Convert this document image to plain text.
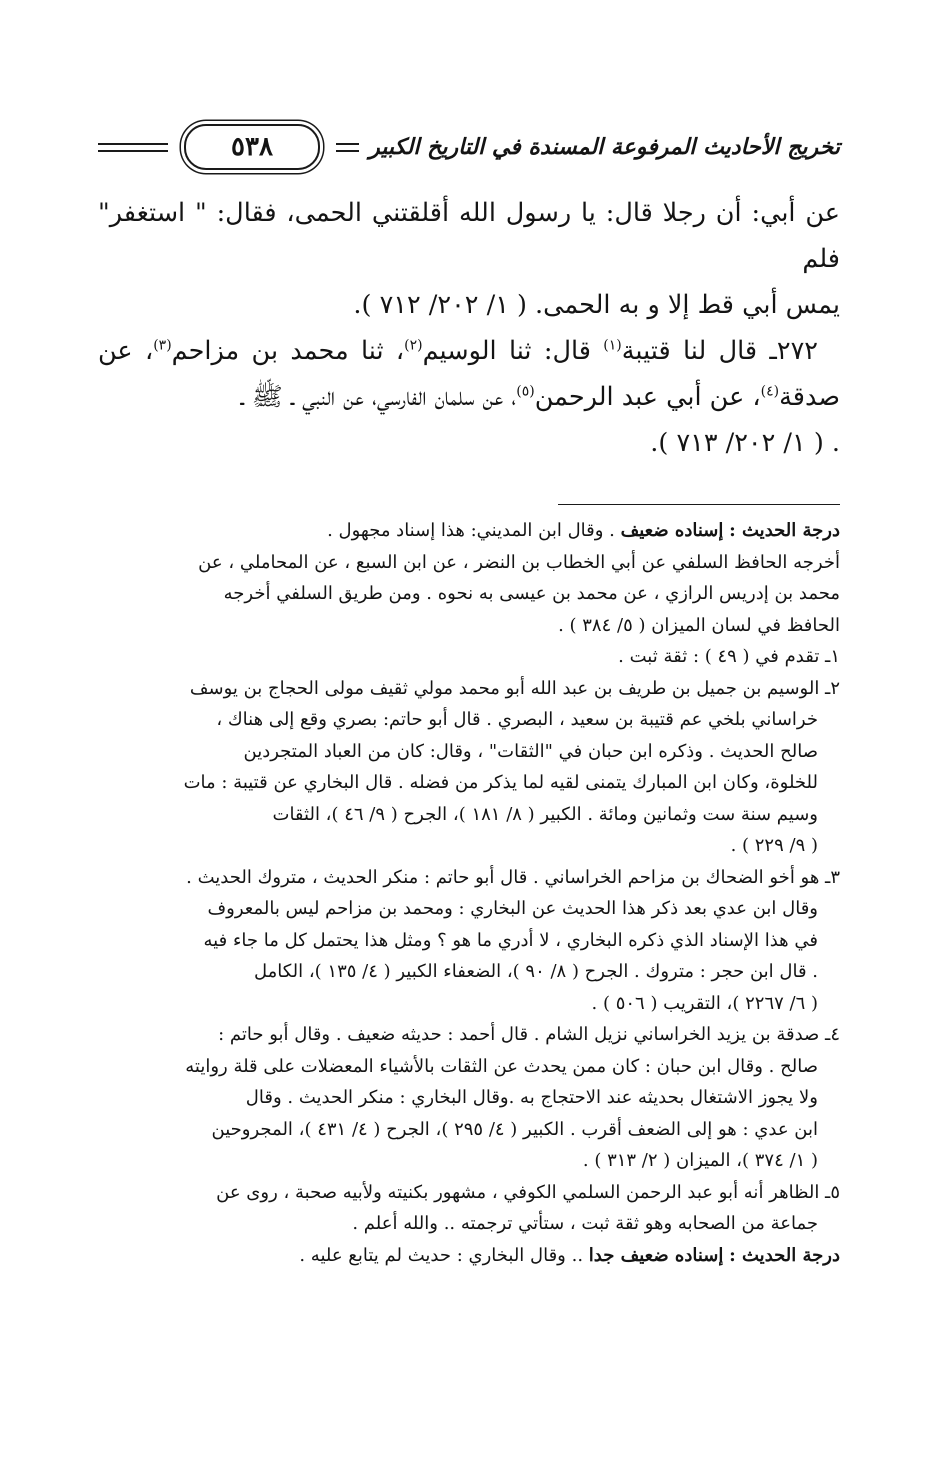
تخريج الأحاديث المرفوعة المسندة في التاريخ الكبير
٥٣٨

عن أبي: أن رجلا قال: يا رسول الله أقلقتني الحمى، فقال: " استغفر" فلم

يمس أبي قط إلا و به الحمى. ( ١/ ٢٠٢/ ٧١٢ ).

٢٧٢ـ قال لنا قتيبة$^{(١)}$ قال: ثنا الوسيم$^{(٢)}$، ثنا محمد بن مزاحم$^{(٣)}$، عن صدقة$^{(٤)}$، عن أبي عبد الرحمن$^{(٥)}$، عن سلمان الفارسي، عن النبي ـ ﷺ ـ

. ( ١/ ٢٠٢/ ٧١٣ ).

درجة الحديث : إسناده ضعيف . وقال ابن المديني: هذا إسناد مجهول .

أخرجه الحافظ السلفي عن أبي الخطاب بن النضر ، عن ابن السبع ، عن المحاملي ، عن

محمد بن إدريس الرازي ، عن محمد بن عيسى به نحوه . ومن طريق السلفي أخرجه

الحافظ في لسان الميزان ( ٥/ ٣٨٤ ) .

١ـ تقدم في ( ٤٩ ) : ثقة ثبت .

٢ـ الوسيم بن جميل بن طريف بن عبد الله أبو محمد مولي ثقيف مولى الحجاج بن يوسف

خراساني بلخي عم قتيبة بن سعيد ، البصري . قال أبو حاتم: بصري وقع إلى هناك ،

صالح الحديث . وذكره ابن حبان في "الثقات" ، وقال: كان من العباد المتجردين

للخلوة، وكان ابن المبارك يتمنى لقيه لما يذكر من فضله . قال البخاري عن قتيبة : مات

وسيم سنة ست وثمانين ومائة . الكبير ( ٨/ ١٨١ )، الجرح ( ٩/ ٤٦ )، الثقات

( ٩/ ٢٢٩ ) .

٣ـ هو أخو الضحاك بن مزاحم الخراساني . قال أبو حاتم : منكر الحديث ، متروك الحديث .

وقال ابن عدي بعد ذكر هذا الحديث عن البخاري : ومحمد بن مزاحم ليس بالمعروف

في هذا الإسناد الذي ذكره البخاري ، لا أدري ما هو ؟ ومثل هذا يحتمل كل ما جاء فيه

. قال ابن حجر : متروك . الجرح ( ٨/ ٩٠ )، الضعفاء الكبير ( ٤/ ١٣٥ )، الكامل

( ٦/ ٢٢٦٧ )، التقريب ( ٥٠٦ ) .

٤ـ صدقة بن يزيد الخراساني نزيل الشام . قال أحمد : حديثه ضعيف . وقال أبو حاتم :

صالح . وقال ابن حبان : كان ممن يحدث عن الثقات بالأشياء المعضلات على قلة روايته

ولا يجوز الاشتغال بحديثه عند الاحتجاج به .وقال البخاري : منكر الحديث . وقال

ابن عدي : هو إلى الضعف أقرب . الكبير ( ٤/ ٢٩٥ )، الجرح ( ٤/ ٤٣١ )، المجروحين

( ١/ ٣٧٤ )، الميزان ( ٢/ ٣١٣ ) .

٥ـ الظاهر أنه أبو عبد الرحمن السلمي الكوفي ، مشهور بكنيته ولأبيه صحبة ، روى عن

جماعة من الصحابه وهو ثقة ثبت ، ستأتي ترجمته .. والله أعلم .

درجة الحديث : إسناده ضعيف جدا .. وقال البخاري : حديث لم يتابع عليه .
